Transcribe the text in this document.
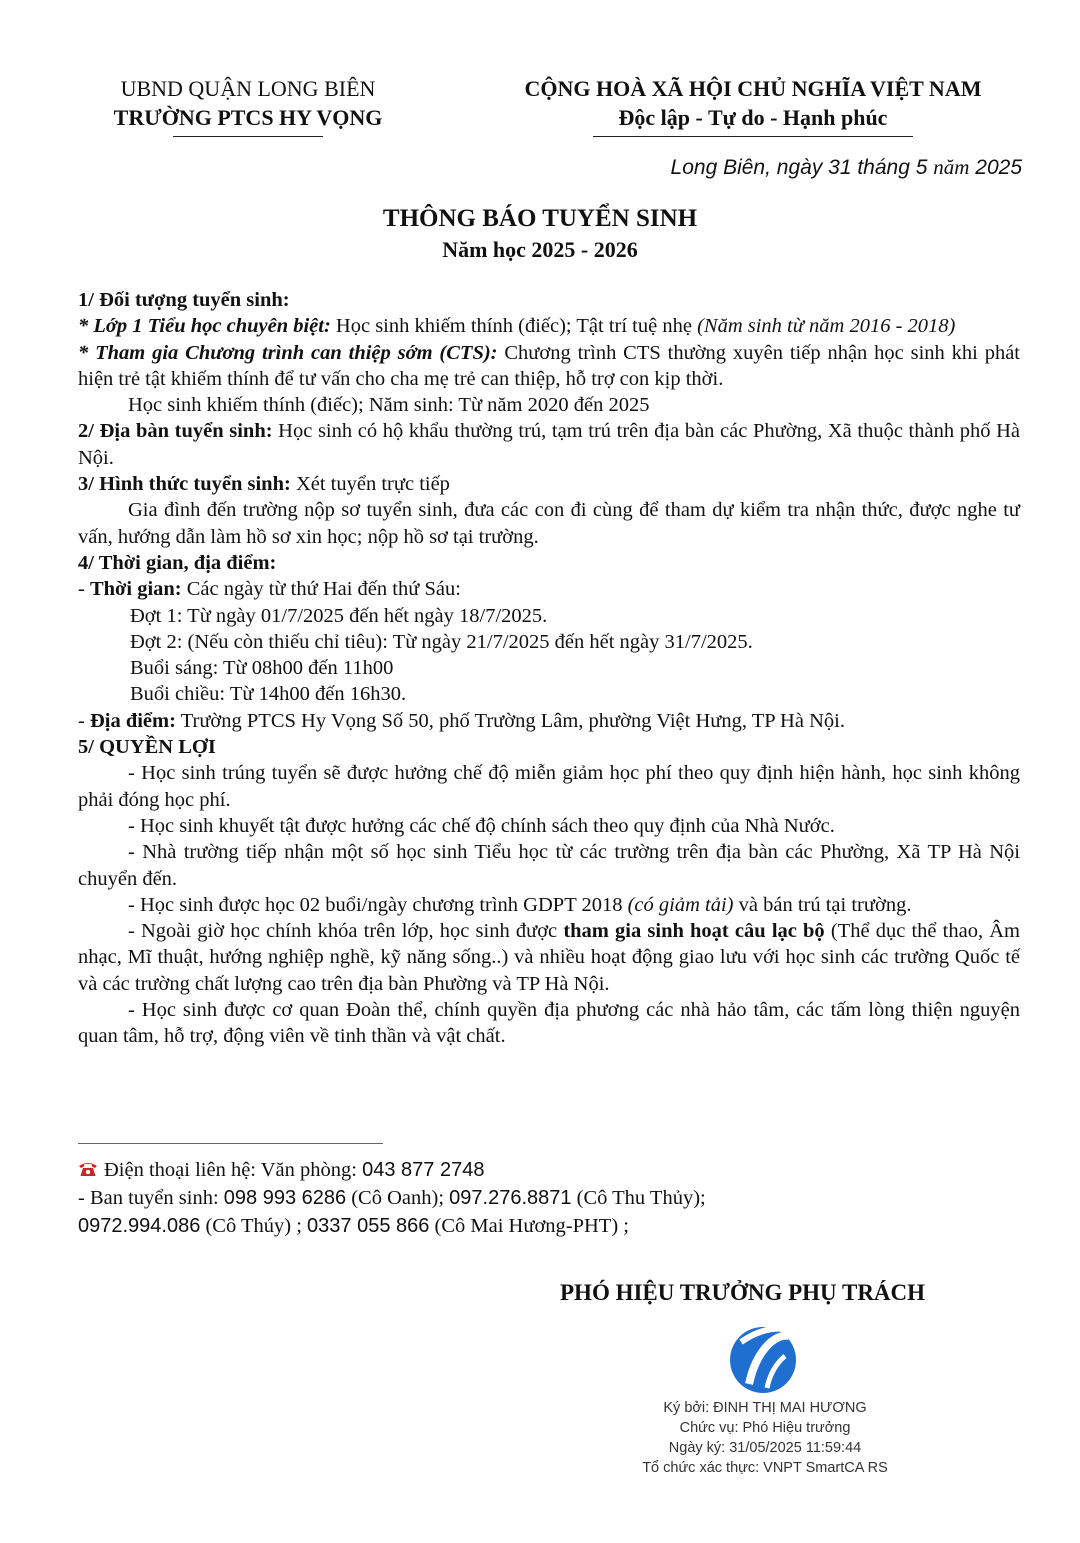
UBND QUẬN LONG BIÊN
TRƯỜNG PTCS HY VỌNG
CỘNG HOÀ XÃ HỘI CHỦ NGHĨA VIỆT NAM
Độc lập - Tự do - Hạnh phúc
Long Biên, ngày 31 tháng 5 năm 2025
THÔNG BÁO TUYỂN SINH
Năm học 2025 - 2026

1/ Đối tượng tuyển sinh:

* Lớp 1 Tiểu học chuyên biệt: Học sinh khiếm thính (điếc); Tật trí tuệ nhẹ (Năm sinh từ năm 2016 - 2018)

* Tham gia Chương trình can thiệp sớm (CTS): Chương trình CTS thường xuyên tiếp nhận học sinh khi phát hiện trẻ tật khiếm thính để tư vấn cho cha mẹ trẻ can thiệp, hỗ trợ con kịp thời.

Học sinh khiếm thính (điếc); Năm sinh: Từ năm 2020 đến 2025

2/ Địa bàn tuyển sinh: Học sinh có hộ khẩu thường trú, tạm trú trên địa bàn các Phường, Xã thuộc thành phố Hà Nội.

3/ Hình thức tuyển sinh: Xét tuyển trực tiếp

Gia đình đến trường nộp sơ tuyển sinh, đưa các con đi cùng để tham dự kiểm tra nhận thức, được nghe tư vấn, hướng dẫn làm hồ sơ xin học; nộp hồ sơ tại trường.

4/ Thời gian, địa điểm:

- Thời gian: Các ngày từ thứ Hai đến thứ Sáu:

Đợt 1: Từ ngày 01/7/2025 đến hết ngày 18/7/2025.

Đợt 2: (Nếu còn thiếu chỉ tiêu): Từ ngày 21/7/2025 đến hết ngày 31/7/2025.

Buổi sáng: Từ 08h00 đến 11h00

Buổi chiều: Từ 14h00 đến 16h30.

- Địa điểm: Trường PTCS Hy Vọng Số 50, phố Trường Lâm, phường Việt Hưng, TP Hà Nội.

5/ QUYỀN LỢI

- Học sinh trúng tuyển sẽ được hưởng chế độ miễn giảm học phí theo quy định hiện hành, học sinh không phải đóng học phí.

- Học sinh khuyết tật được hưởng các chế độ chính sách theo quy định của Nhà Nước.

- Nhà trường tiếp nhận một số học sinh Tiểu học từ các trường trên địa bàn các Phường, Xã TP Hà Nội chuyển đến.

- Học sinh được học 02 buổi/ngày chương trình GDPT 2018 (có giảm tải) và bán trú tại trường.

- Ngoài giờ học chính khóa trên lớp, học sinh được tham gia sinh hoạt câu lạc bộ (Thể dục thể thao, Âm nhạc, Mĩ thuật, hướng nghiệp nghề, kỹ năng sống..) và nhiều hoạt động giao lưu với học sinh các trường Quốc tế và các trường chất lượng cao trên địa bàn Phường và TP Hà Nội.

- Học sinh được cơ quan Đoàn thể, chính quyền địa phương các nhà hảo tâm, các tấm lòng thiện nguyện quan tâm, hỗ trợ, động viên về tinh thần và vật chất.

Điện thoại liên hệ: Văn phòng: 043 877 2748

- Ban tuyển sinh: 098 993 6286 (Cô Oanh); 097.276.8871 (Cô Thu Thủy);

0972.994.086 (Cô Thúy) ; 0337 055 866 (Cô Mai Hương-PHT) ;

PHÓ HIỆU TRƯỞNG PHỤ TRÁCH
Ký bởi: ĐINH THỊ MAI HƯƠNG
Chức vụ: Phó Hiệu trưởng
Ngày ký: 31/05/2025 11:59:44
Tổ chức xác thực: VNPT SmartCA RS
